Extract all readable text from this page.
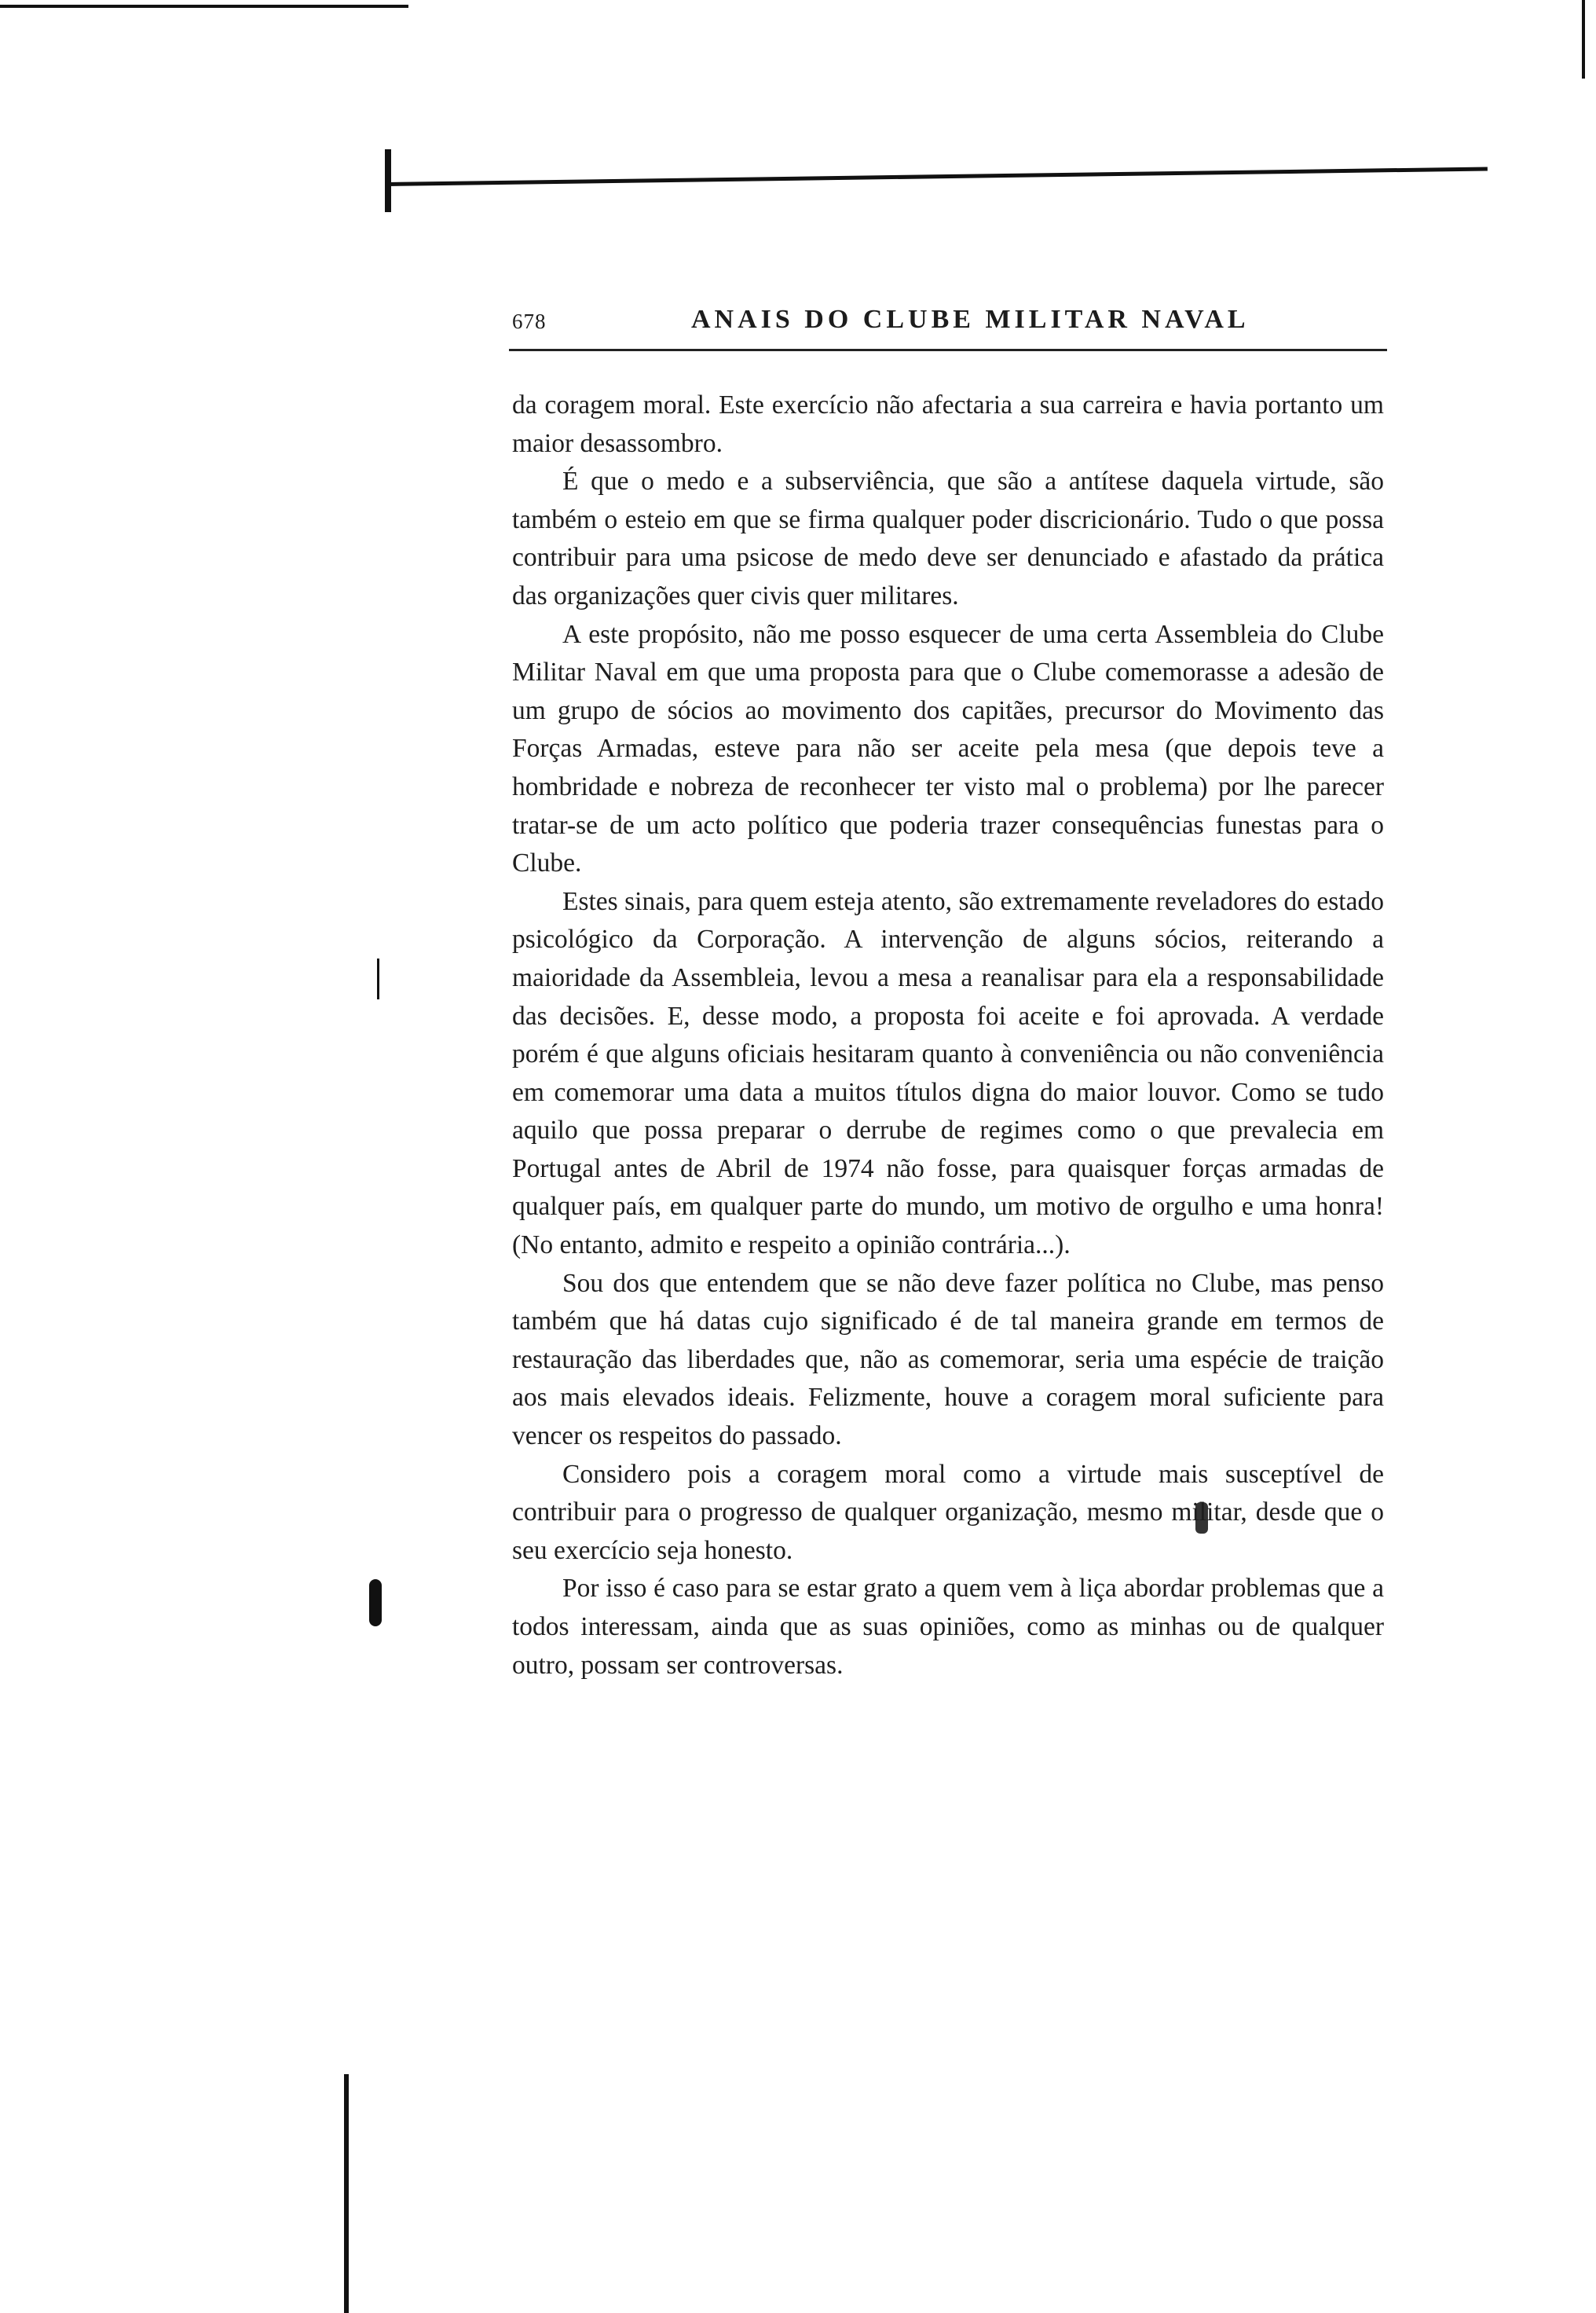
678	ANAIS DO CLUBE MILITAR NAVAL

da coragem moral. Este exercício não afectaria a sua carreira e havia portanto um maior desassombro.

É que o medo e a subserviência, que são a antítese daquela virtude, são também o esteio em que se firma qualquer poder discricionário. Tudo o que possa contribuir para uma psicose de medo deve ser denunciado e afastado da prática das organizações quer civis quer militares.

A este propósito, não me posso esquecer de uma certa Assembleia do Clube Militar Naval em que uma proposta para que o Clube comemorasse a adesão de um grupo de sócios ao movimento dos capitães, precursor do Movimento das Forças Armadas, esteve para não ser aceite pela mesa (que depois teve a hombridade e nobreza de reconhecer ter visto mal o problema) por lhe parecer tratar-se de um acto político que poderia trazer consequências funestas para o Clube.

Estes sinais, para quem esteja atento, são extremamente reveladores do estado psicológico da Corporação. A intervenção de alguns sócios, reiterando a maioridade da Assembleia, levou a mesa a reanalisar para ela a responsabilidade das decisões. E, desse modo, a proposta foi aceite e foi aprovada. A verdade porém é que alguns oficiais hesitaram quanto à conveniência ou não conveniência em comemorar uma data a muitos títulos digna do maior louvor. Como se tudo aquilo que possa preparar o derrube de regimes como o que prevalecia em Portugal antes de Abril de 1974 não fosse, para quaisquer forças armadas de qualquer país, em qualquer parte do mundo, um motivo de orgulho e uma honra! (No entanto, admito e respeito a opinião contrária...).

Sou dos que entendem que se não deve fazer política no Clube, mas penso também que há datas cujo significado é de tal maneira grande em termos de restauração das liberdades que, não as comemorar, seria uma espécie de traição aos mais elevados ideais. Felizmente, houve a coragem moral suficiente para vencer os respeitos do passado.

Considero pois a coragem moral como a virtude mais susceptível de contribuir para o progresso de qualquer organização, mesmo militar, desde que o seu exercício seja honesto.

Por isso é caso para se estar grato a quem vem à liça abordar problemas que a todos interessam, ainda que as suas opiniões, como as minhas ou de qualquer outro, possam ser controversas.
